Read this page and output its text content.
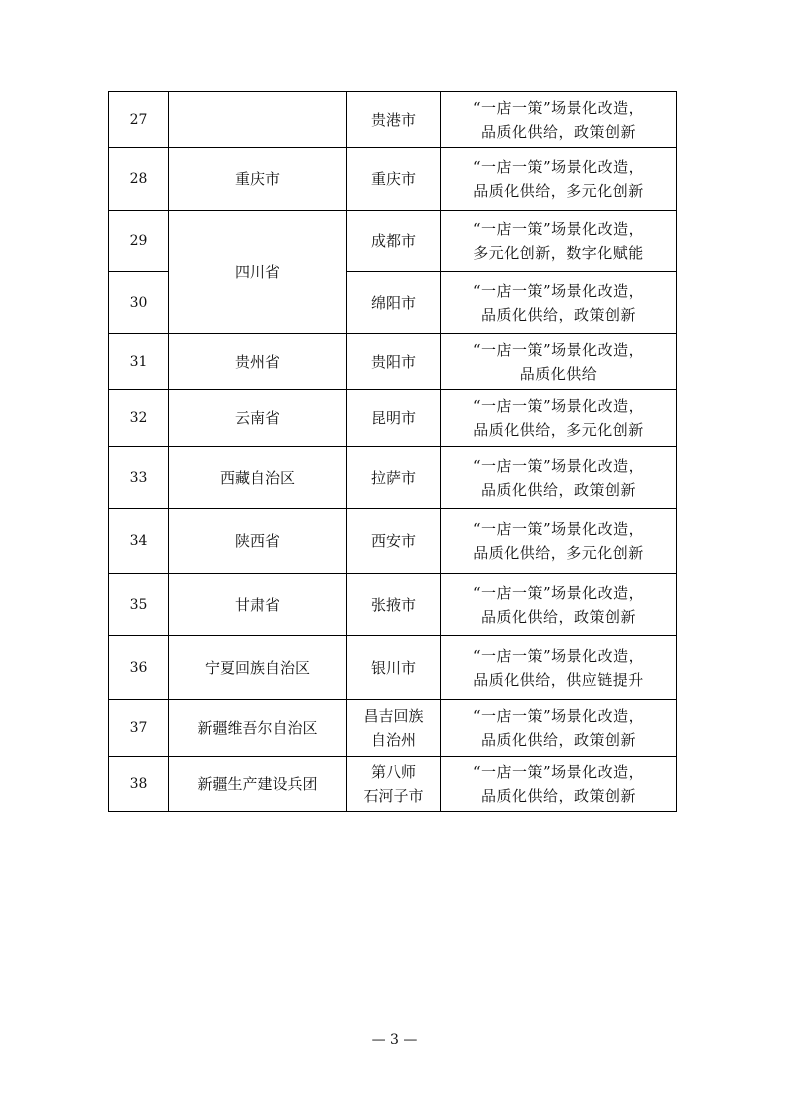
27		贵港市	“一店一策”场景化改造，
品质化供给，政策创新

28	重庆市	重庆市	“一店一策”场景化改造，
品质化供给，多元化创新

29	四川省	成都市	“一店一策”场景化改造，
多元化创新，数字化赋能

30		绵阳市	“一店一策”场景化改造，
品质化供给，政策创新

31	贵州省	贵阳市	“一店一策”场景化改造，
品质化供给

32	云南省	昆明市	“一店一策”场景化改造，
品质化供给，多元化创新

33	西藏自治区	拉萨市	“一店一策”场景化改造，
品质化供给，政策创新

34	陕西省	西安市	“一店一策”场景化改造，
品质化供给，多元化创新

35	甘肃省	张掖市	“一店一策”场景化改造，
品质化供给，政策创新

36	宁夏回族自治区	银川市	“一店一策”场景化改造，
品质化供给，供应链提升

37	新疆维吾尔自治区	昌吉回族
自治州	“一店一策”场景化改造，
品质化供给，政策创新

38	新疆生产建设兵团	第八师
石河子市	“一店一策”场景化改造，
品质化供给，政策创新
— 3 —
